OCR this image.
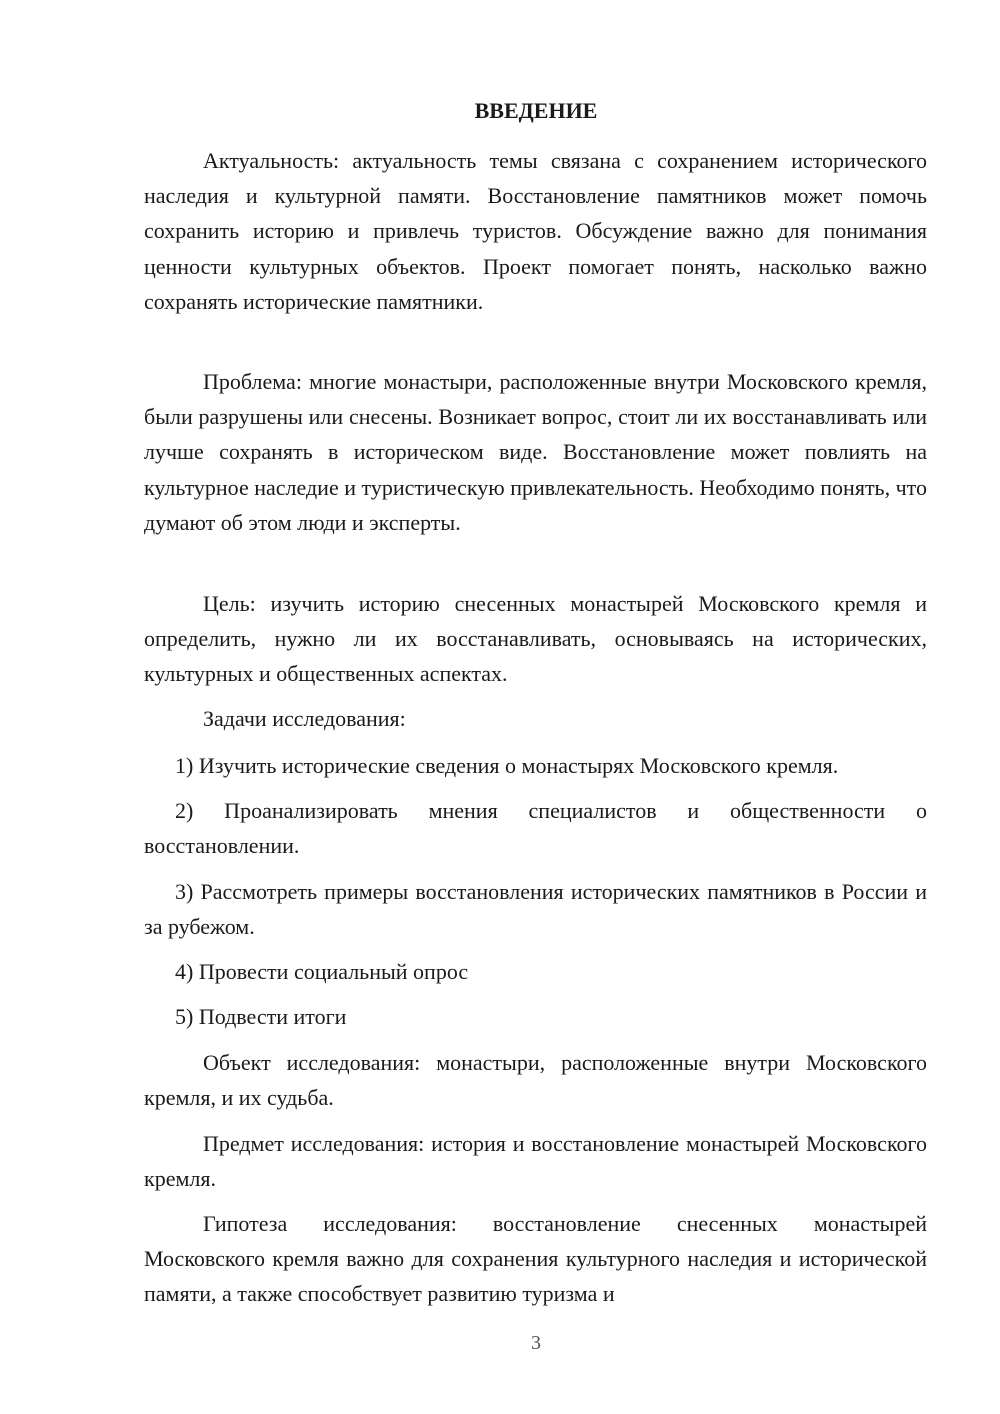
ВВЕДЕНИЕ

Актуальность: актуальность темы связана с сохранением исторического наследия и культурной памяти. Восстановление памятников может помочь сохранить историю и привлечь туристов. Обсуждение важно для понимания ценности культурных объектов. Проект помогает понять, насколько важно сохранять исторические памятники.

Проблема: многие монастыри, расположенные внутри Московского кремля, были разрушены или снесены. Возникает вопрос, стоит ли их восстанавливать или лучше сохранять в историческом виде. Восстановление может повлиять на культурное наследие и туристическую привлекательность. Необходимо понять, что думают об этом люди и эксперты.

Цель: изучить историю снесенных монастырей Московского кремля и определить, нужно ли их восстанавливать, основываясь на исторических, культурных и общественных аспектах.

Задачи исследования:

1) Изучить исторические сведения о монастырях Московского кремля.

2) Проанализировать мнения специалистов и общественности о восстановлении.

3) Рассмотреть примеры восстановления исторических памятников в России и за рубежом.

4) Провести социальный опрос

5) Подвести итоги

Объект исследования: монастыри, расположенные внутри Московского кремля, и их судьба.

Предмет исследования: история и восстановление монастырей Московского кремля.

Гипотеза исследования: восстановление снесенных монастырей Московского кремля важно для сохранения культурного наследия и исторической памяти, а также способствует развитию туризма и

3
